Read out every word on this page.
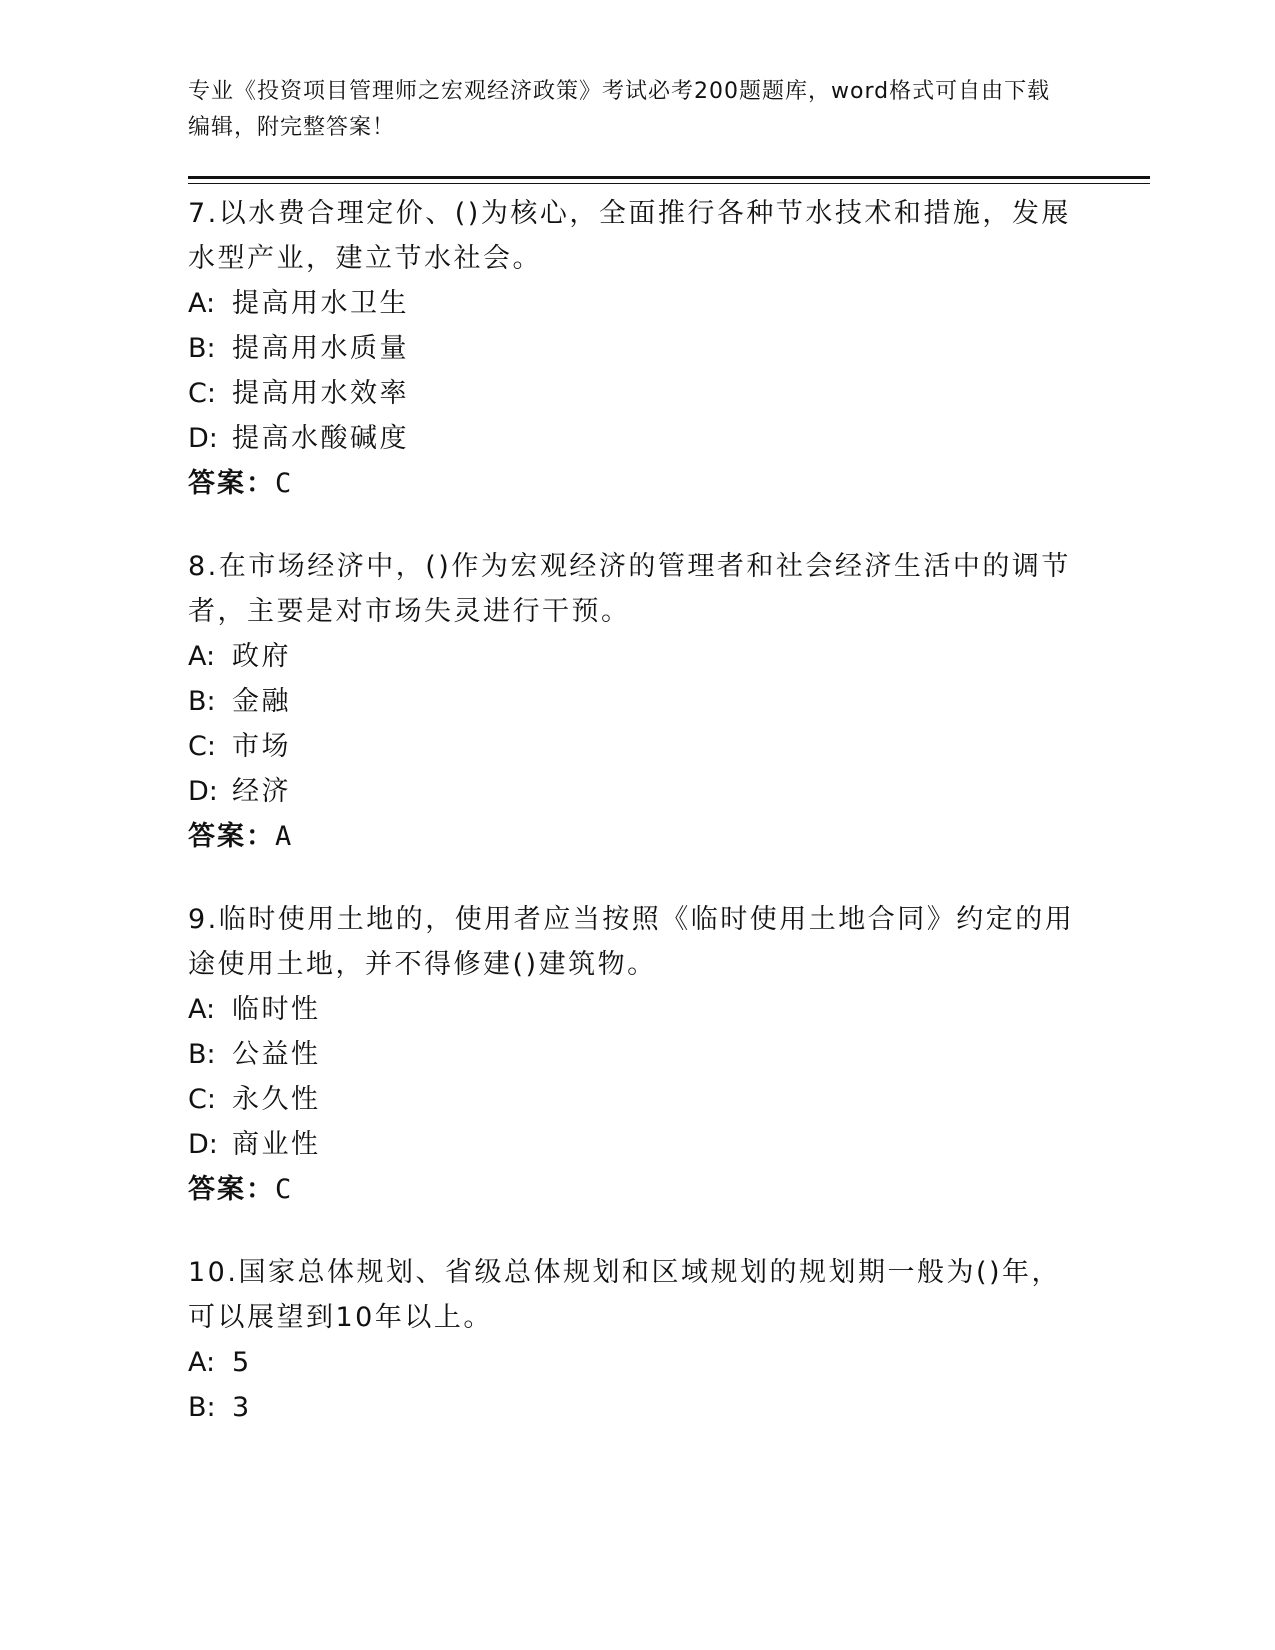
专业《投资项目管理师之宏观经济政策》考试必考200题题库，word格式可自由下载编辑，附完整答案！

7.以水费合理定价、()为核心，全面推行各种节水技术和措施，发展水型产业，建立节水社会。

A: 提高用水卫生

B: 提高用水质量

C: 提高用水效率

D: 提高水酸碱度

答案：C

8.在市场经济中，()作为宏观经济的管理者和社会经济生活中的调节者，主要是对市场失灵进行干预。

A: 政府

B: 金融

C: 市场

D: 经济

答案：A

9.临时使用土地的，使用者应当按照《临时使用土地合同》约定的用途使用土地，并不得修建()建筑物。

A: 临时性

B: 公益性

C: 永久性

D: 商业性

答案：C

10.国家总体规划、省级总体规划和区域规划的规划期一般为()年，可以展望到10年以上。

A: 5

B: 3
